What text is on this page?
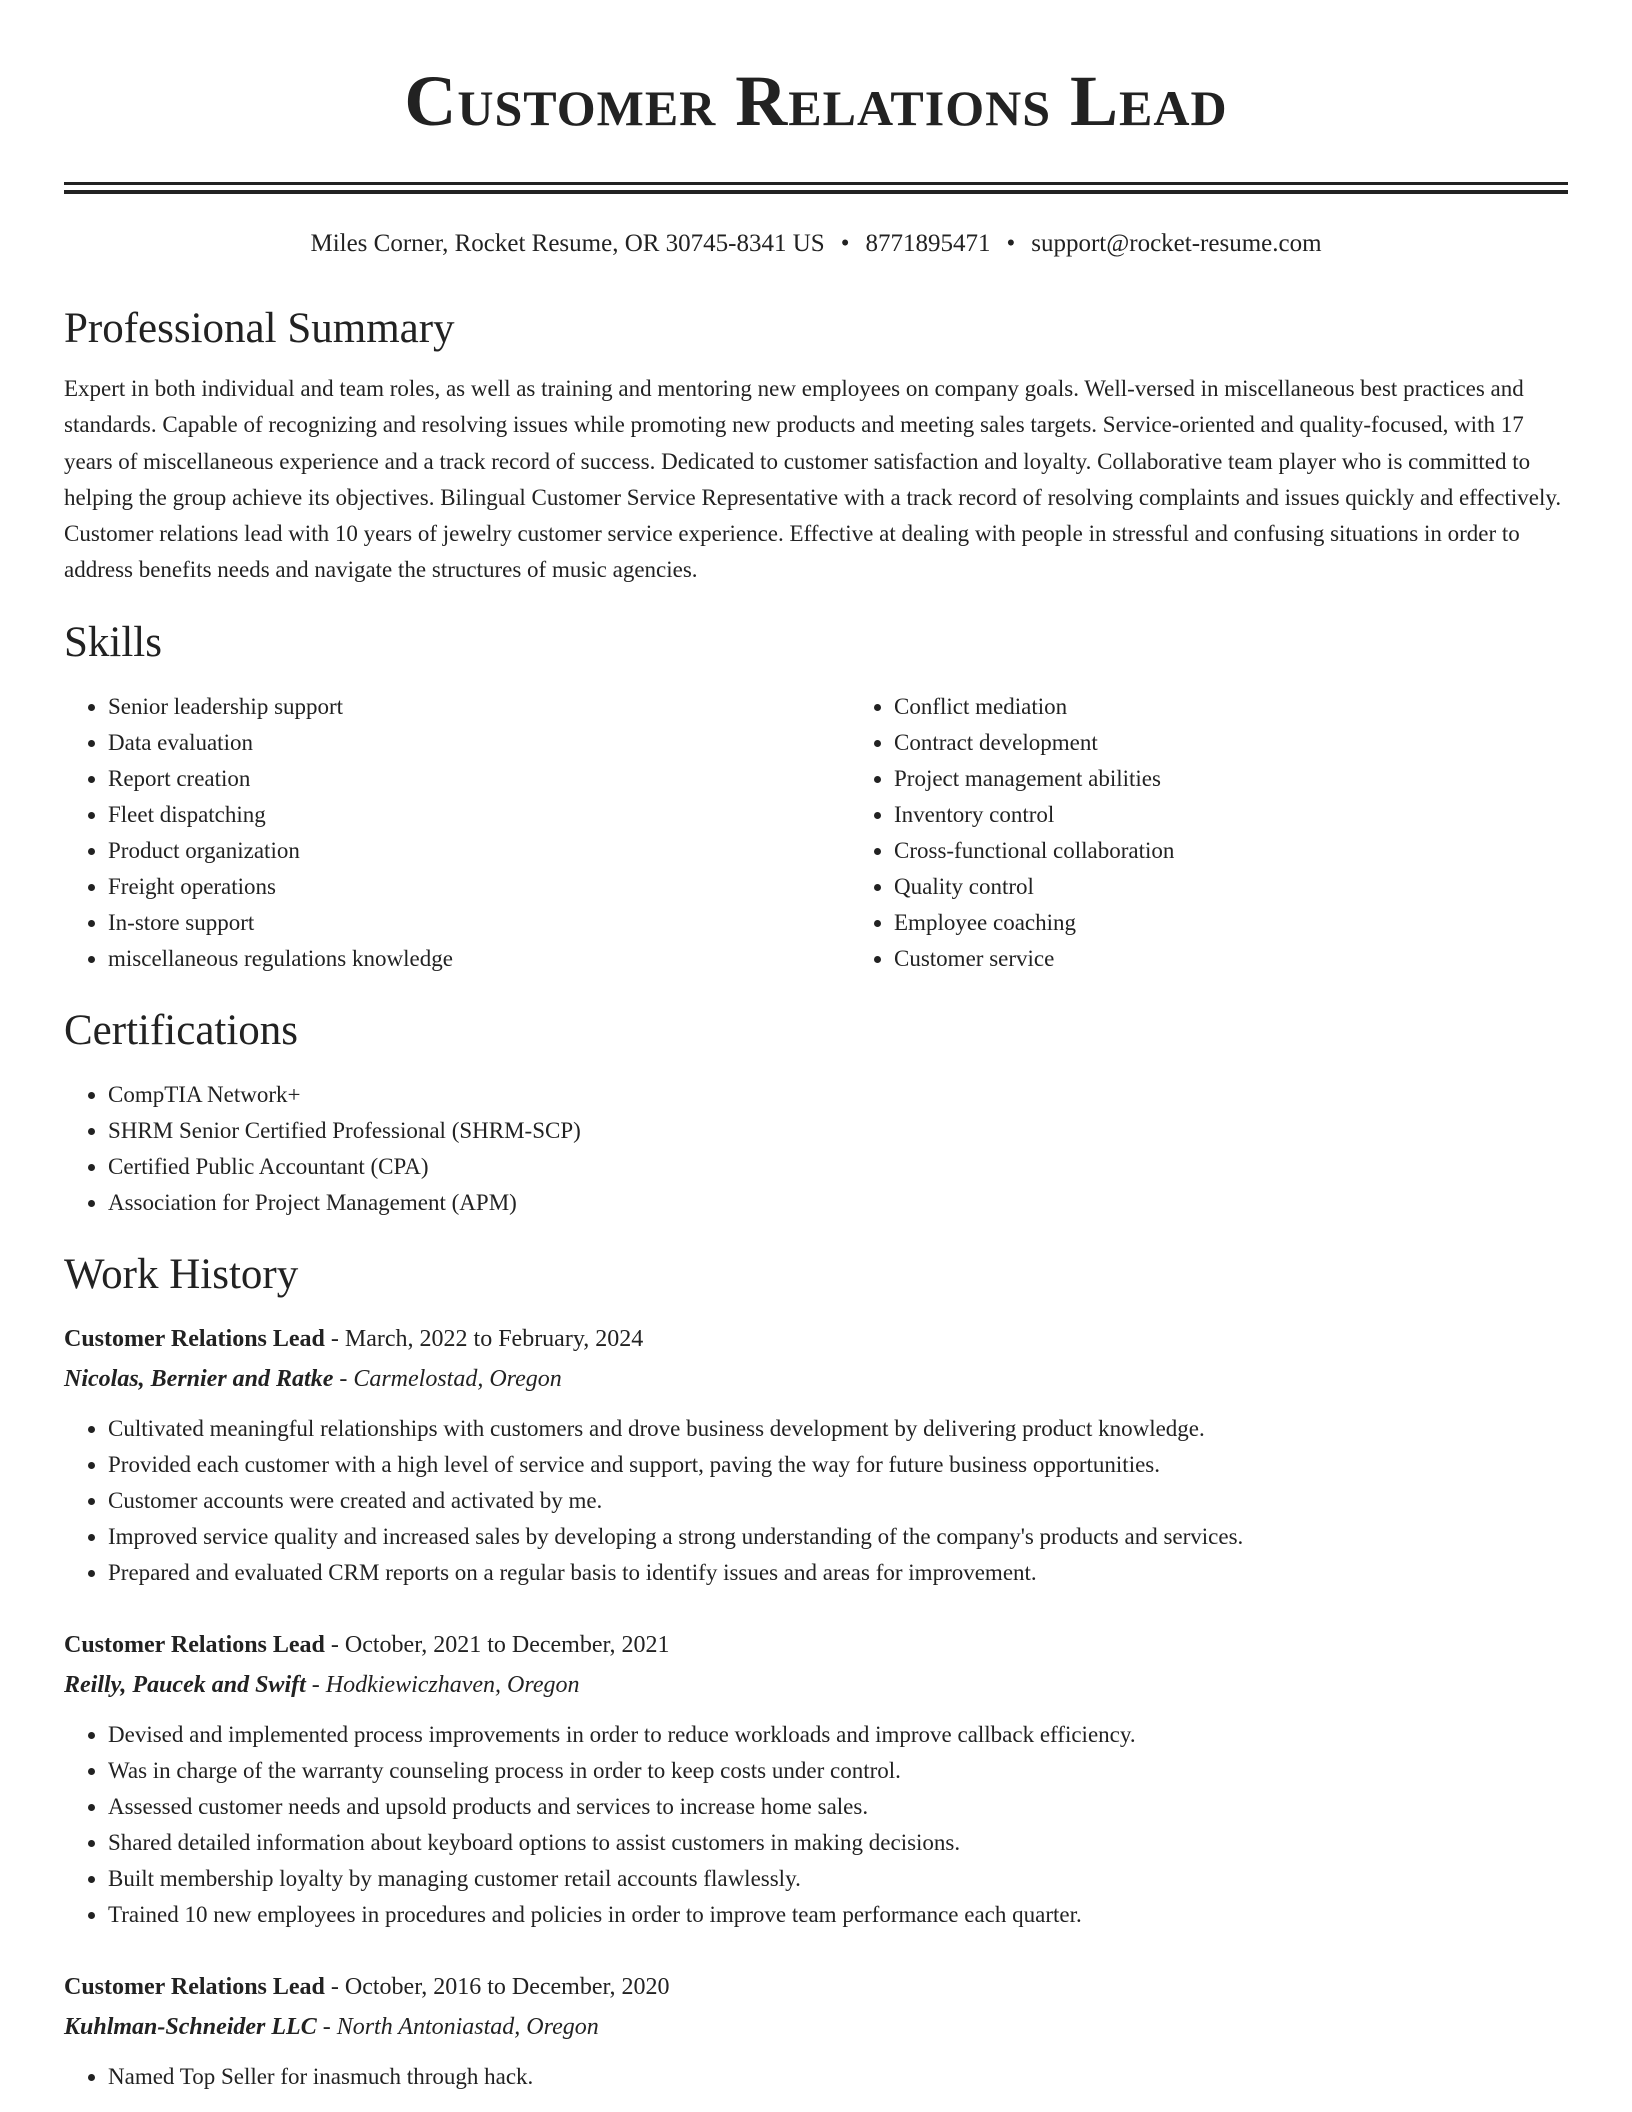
Customer Relations Lead
Miles Corner, Rocket Resume, OR 30745-8341 US • 8771895471 • support@rocket-resume.com
Professional Summary
Expert in both individual and team roles, as well as training and mentoring new employees on company goals. Well-versed in miscellaneous best practices and standards. Capable of recognizing and resolving issues while promoting new products and meeting sales targets. Service-oriented and quality-focused, with 17 years of miscellaneous experience and a track record of success. Dedicated to customer satisfaction and loyalty. Collaborative team player who is committed to helping the group achieve its objectives. Bilingual Customer Service Representative with a track record of resolving complaints and issues quickly and effectively. Customer relations lead with 10 years of jewelry customer service experience. Effective at dealing with people in stressful and confusing situations in order to address benefits needs and navigate the structures of music agencies.
Skills
• Senior leadership support
• Data evaluation
• Report creation
• Fleet dispatching
• Product organization
• Freight operations
• In-store support
• miscellaneous regulations knowledge
• Conflict mediation
• Contract development
• Project management abilities
• Inventory control
• Cross-functional collaboration
• Quality control
• Employee coaching
• Customer service
Certifications
• CompTIA Network+
• SHRM Senior Certified Professional (SHRM-SCP)
• Certified Public Accountant (CPA)
• Association for Project Management (APM)
Work History
Customer Relations Lead - March, 2022 to February, 2024
Nicolas, Bernier and Ratke - Carmelostad, Oregon
• Cultivated meaningful relationships with customers and drove business development by delivering product knowledge.
• Provided each customer with a high level of service and support, paving the way for future business opportunities.
• Customer accounts were created and activated by me.
• Improved service quality and increased sales by developing a strong understanding of the company's products and services.
• Prepared and evaluated CRM reports on a regular basis to identify issues and areas for improvement.
Customer Relations Lead - October, 2021 to December, 2021
Reilly, Paucek and Swift - Hodkiewiczhaven, Oregon
• Devised and implemented process improvements in order to reduce workloads and improve callback efficiency.
• Was in charge of the warranty counseling process in order to keep costs under control.
• Assessed customer needs and upsold products and services to increase home sales.
• Shared detailed information about keyboard options to assist customers in making decisions.
• Built membership loyalty by managing customer retail accounts flawlessly.
• Trained 10 new employees in procedures and policies in order to improve team performance each quarter.
Customer Relations Lead - October, 2016 to December, 2020
Kuhlman-Schneider LLC - North Antoniastad, Oregon
• Named Top Seller for inasmuch through hack.
